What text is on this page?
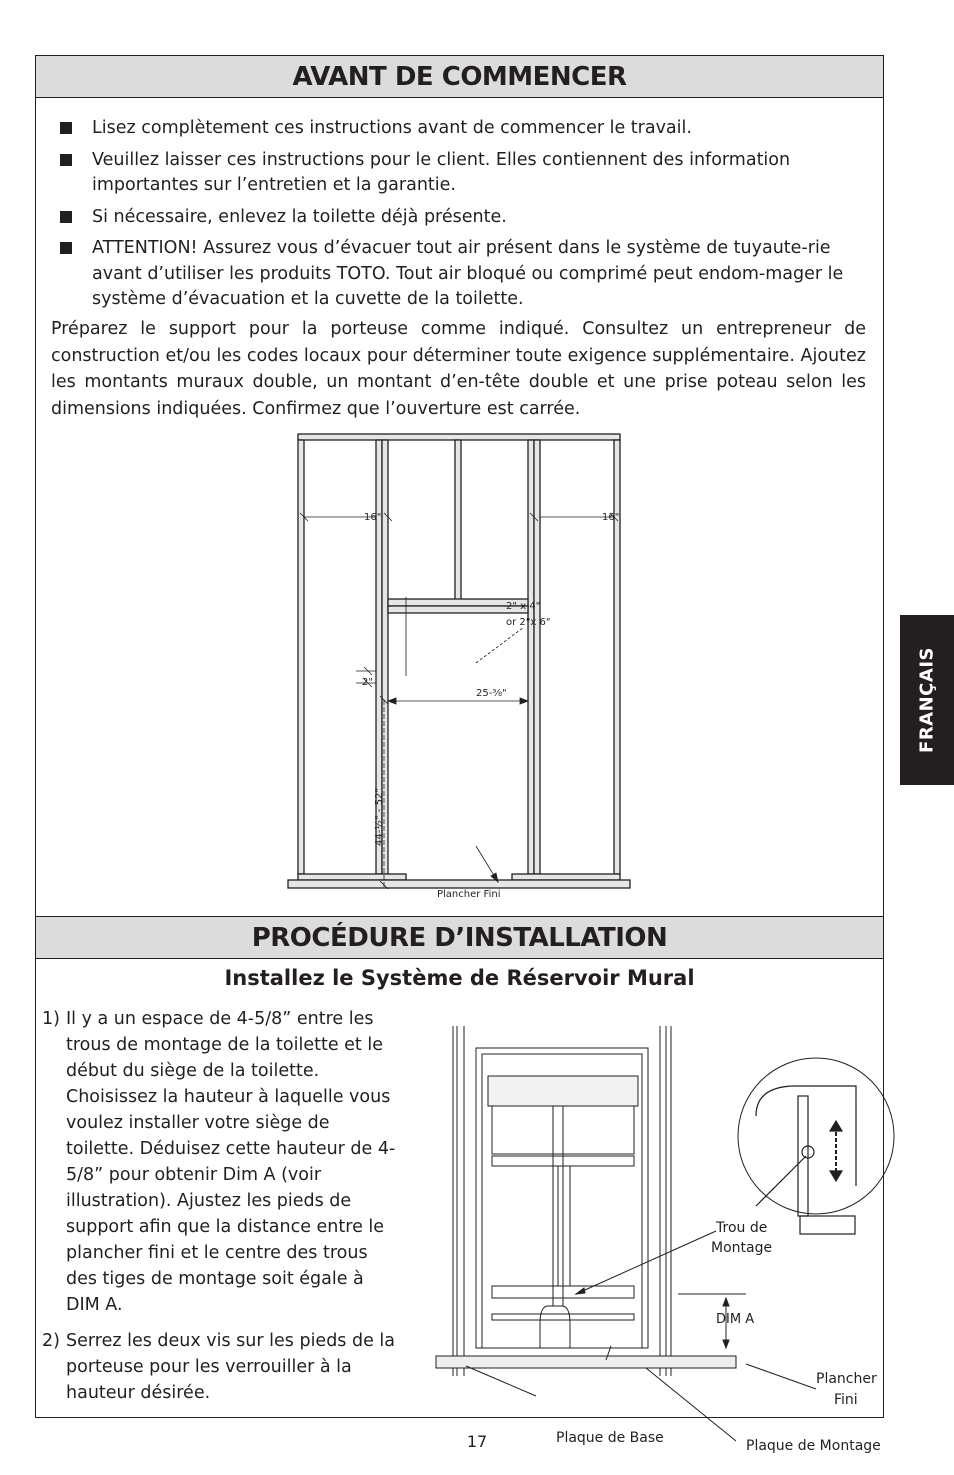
AVANT DE COMMENCER
Lisez complètement ces instructions avant de commencer le travail.
Veuillez laisser ces instructions pour le client. Elles contiennent des information importantes sur l’entretien et la garantie.
Si nécessaire, enlevez la toilette déjà présente.
ATTENTION! Assurez vous d’évacuer tout air présent dans le système de tuyaute-rie avant d’utiliser les produits TOTO. Tout air bloqué ou comprimé peut endom-mager le système d’évacuation et la cuvette de la toilette.

Préparez le support pour la porteuse comme indiqué. Consultez un entrepreneur de construction et/ou les codes locaux pour déterminer toute exigence supplémentaire. Ajoutez les montants muraux double, un montant d’en-tête double et une prise poteau selon les dimensions indiquées. Confirmez que l’ouverture est carrée.

16"	16"
2" x 4"
or 2"x 6"
2"
25-⅜"
44-½" - 52"
Plancher Fini
PROCÉDURE D’INSTALLATION
Installez le Système de Réservoir Mural
1) Il y a un espace de 4-5/8” entre les trous de montage de la toilette et le début du siège de la toilette. Choisissez la hauteur à laquelle vous voulez installer votre siège de toilette. Déduisez cette hauteur de 4-5/8” pour obtenir Dim A (voir illustration). Ajustez les pieds de support afin que la distance entre le plancher fini et le centre des trous des tiges de montage soit égale à DIM A.
2) Serrez les deux vis sur les pieds de la porteuse pour les verrouiller à la hauteur désirée.
Trou de
Montage
DIM A
Plancher
Fini
Plaque de Base	Plaque de Montage
FRANÇAIS
17
